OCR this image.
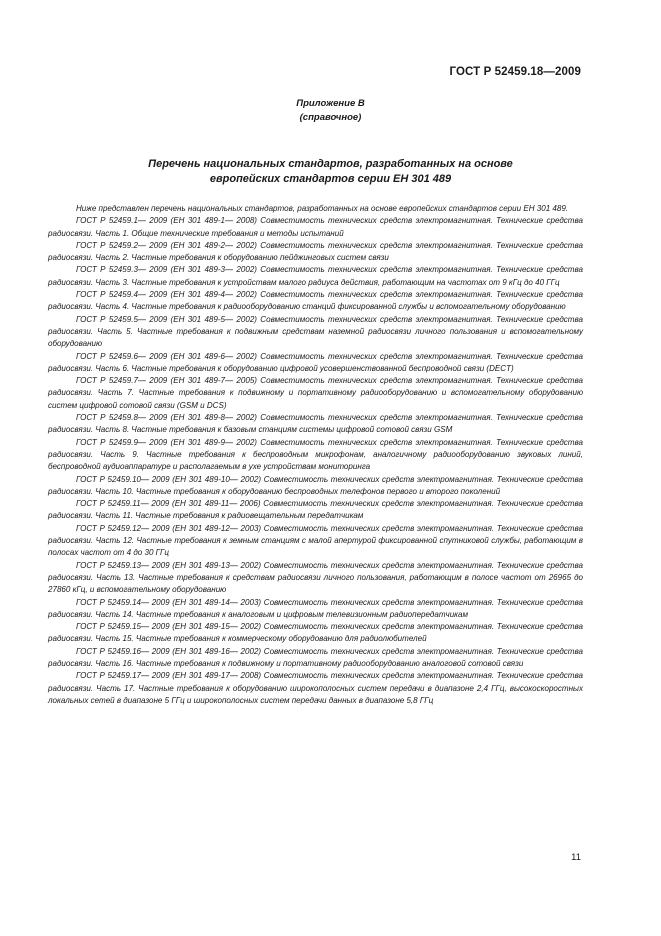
ГОСТ Р 52459.18—2009
Приложение В
(справочное)
Перечень национальных стандартов, разработанных на основе
европейских стандартов серии ЕН 301 489

Ниже представлен перечень национальных стандартов, разработанных на основе европейских стандартов серии ЕН 301 489.

ГОСТ Р 52459.1— 2009 (ЕН 301 489-1— 2008) Совместимость технических средств электромагнитная. Технические средства радиосвязи. Часть 1. Общие технические требования и методы испытаний

ГОСТ Р 52459.2— 2009 (ЕН 301 489-2— 2002) Совместимость технических средств электромагнитная. Технические средства радиосвязи. Часть 2. Частные требования к оборудованию пейджинговых систем связи

ГОСТ Р 52459.3— 2009 (ЕН 301 489-3— 2002) Совместимость технических средств электромагнитная. Технические средства радиосвязи. Часть 3. Частные требования к устройствам малого радиуса действия, работающим на частотах от 9 кГц до 40 ГГц

ГОСТ Р 52459.4— 2009 (ЕН 301 489-4— 2002) Совместимость технических средств электромагнитная. Технические средства радиосвязи. Часть 4. Частные требования к радиооборудованию станций фиксированной службы и вспомогательному оборудованию

ГОСТ Р 52459.5— 2009 (ЕН 301 489-5— 2002) Совместимость технических средств электромагнитная. Технические средства радиосвязи. Часть 5. Частные требования к подвижным средствам наземной радиосвязи личного пользования и вспомогательному оборудованию

ГОСТ Р 52459.6— 2009 (ЕН 301 489-6— 2002) Совместимость технических средств электромагнитная. Технические средства радиосвязи. Часть 6. Частные требования к оборудованию цифровой усовершенствованной беспроводной связи (DECT)

ГОСТ Р 52459.7— 2009 (ЕН 301 489-7— 2005) Совместимость технических средств электромагнитная. Технические средства радиосвязи. Часть 7. Частные требования к подвижному и портативному радиооборудованию и вспомогательному оборудованию систем цифровой сотовой связи (GSM и DCS)

ГОСТ Р 52459.8— 2009 (ЕН 301 489-8— 2002) Совместимость технических средств электромагнитная. Технические средства радиосвязи. Часть 8. Частные требования к базовым станциям системы цифровой сотовой связи GSM

ГОСТ Р 52459.9— 2009 (ЕН 301 489-9— 2002) Совместимость технических средств электромагнитная. Технические средства радиосвязи. Часть 9. Частные требования к беспроводным микрофонам, аналогичному радиооборудованию звуковых линий, беспроводной аудиоаппаратуре и располагаемым в ухе устройствам мониторинга

ГОСТ Р 52459.10— 2009 (ЕН 301 489-10— 2002) Совместимость технических средств электромагнитная. Технические средства радиосвязи. Часть 10. Частные требования к оборудованию беспроводных телефонов первого и второго поколений

ГОСТ Р 52459.11— 2009 (ЕН 301 489-11— 2006) Совместимость технических средств электромагнитная. Технические средства радиосвязи. Часть 11. Частные требования к радиовещательным передатчикам

ГОСТ Р 52459.12— 2009 (ЕН 301 489-12— 2003) Совместимость технических средств электромагнитная. Технические средства радиосвязи. Часть 12. Частные требования к земным станциям с малой апертурой фиксированной спутниковой службы, работающим в полосах частот от 4 до 30 ГГц

ГОСТ Р 52459.13— 2009 (ЕН 301 489-13— 2002) Совместимость технических средств электромагнитная. Технические средства радиосвязи. Часть 13. Частные требования к средствам радиосвязи личного пользования, работающим в полосе частот от 26965 до 27860 кГц, и вспомогательному оборудованию

ГОСТ Р 52459.14— 2009 (ЕН 301 489-14— 2003) Совместимость технических средств электромагнитная. Технические средства радиосвязи. Часть 14. Частные требования к аналоговым и цифровым телевизионным радиопередатчикам

ГОСТ Р 52459.15— 2009 (ЕН 301 489-15— 2002) Совместимость технических средств электромагнитная. Технические средства радиосвязи. Часть 15. Частные требования к коммерческому оборудованию для радиолюбителей

ГОСТ Р 52459.16— 2009 (ЕН 301 489-16— 2002) Совместимость технических средств электромагнитная. Технические средства радиосвязи. Часть 16. Частные требования к подвижному и портативному радиооборудованию аналоговой сотовой связи

ГОСТ Р 52459.17— 2009 (ЕН 301 489-17— 2008) Совместимость технических средств электромагнитная. Технические средства радиосвязи. Часть 17. Частные требования к оборудованию широкополосных систем передачи в диапазоне 2,4 ГГц, высокоскоростных локальных сетей в диапазоне 5 ГГц и широкополосных систем передачи данных в диапазоне 5,8 ГГц

11
